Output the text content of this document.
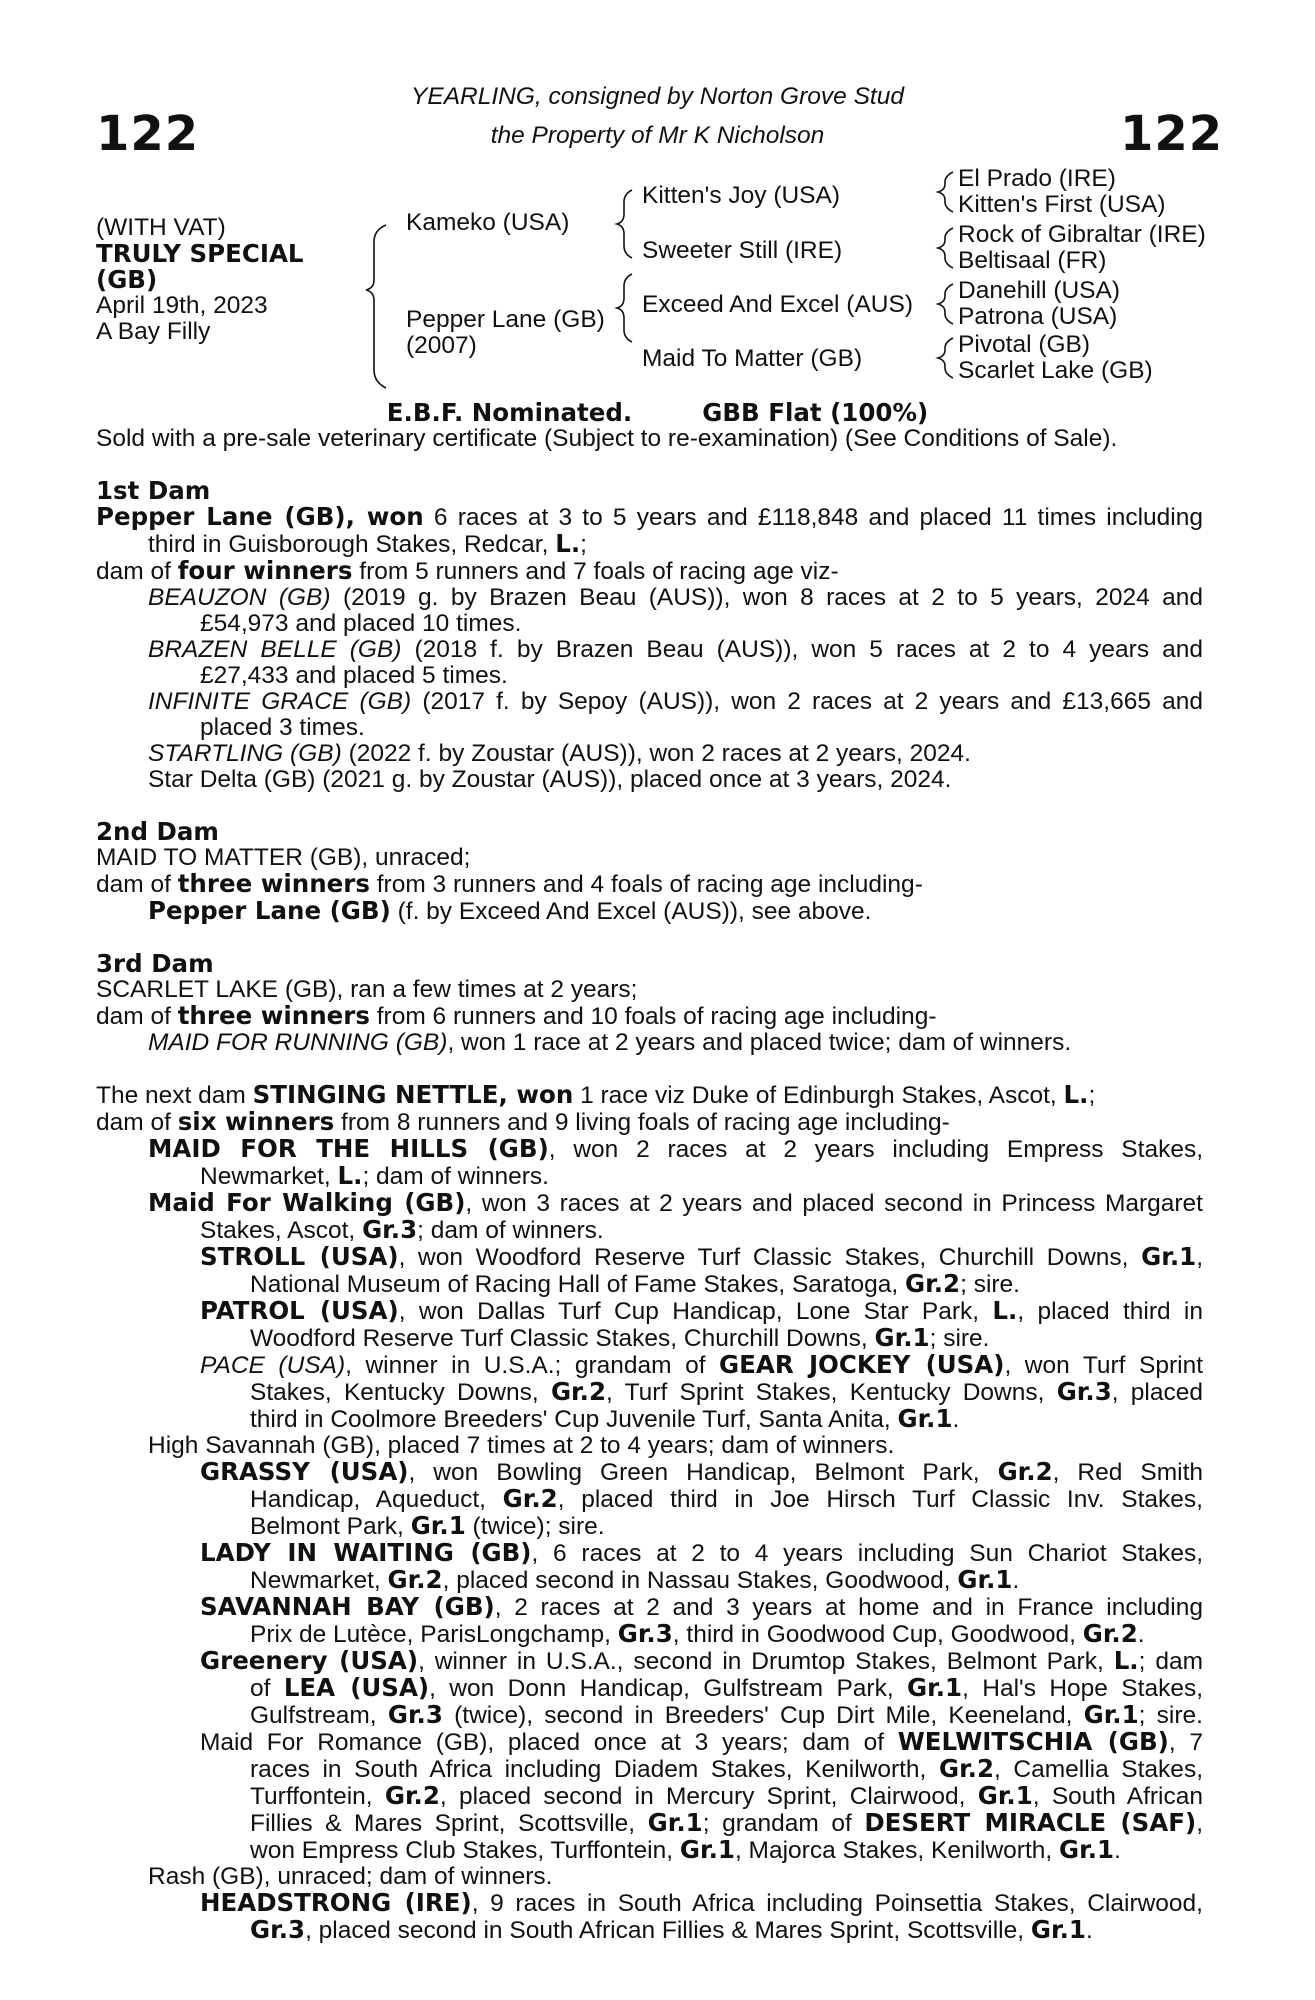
122	122
YEARLING, consigned by Norton Grove Stud
the Property of Mr K Nicholson
(WITH VAT)
TRULY SPECIAL
(GB)
April 19th, 2023
A Bay Filly
Kameko (USA)
Pepper Lane (GB)
(2007)
Kitten's Joy (USA)
Sweeter Still (IRE)
Exceed And Excel (AUS)
Maid To Matter (GB)
El Prado (IRE)
Kitten's First (USA)
Rock of Gibraltar (IRE)
Beltisaal (FR)
Danehill (USA)
Patrona (USA)
Pivotal (GB)
Scarlet Lake (GB)
E.B.F. Nominated.	GBB Flat (100%)
Sold with a pre-sale veterinary certificate (Subject to re-examination) (See Conditions of Sale).
1st Dam
Pepper Lane (GB), won 6 races at 3 to 5 years and £118,848 and placed 11 times including
third in Guisborough Stakes, Redcar, L.;
dam of four winners from 5 runners and 7 foals of racing age viz-
BEAUZON (GB) (2019 g. by Brazen Beau (AUS)), won 8 races at 2 to 5 years, 2024 and
£54,973 and placed 10 times.
BRAZEN BELLE (GB) (2018 f. by Brazen Beau (AUS)), won 5 races at 2 to 4 years and
£27,433 and placed 5 times.
INFINITE GRACE (GB) (2017 f. by Sepoy (AUS)), won 2 races at 2 years and £13,665 and
placed 3 times.
STARTLING (GB) (2022 f. by Zoustar (AUS)), won 2 races at 2 years, 2024.
Star Delta (GB) (2021 g. by Zoustar (AUS)), placed once at 3 years, 2024.
2nd Dam
MAID TO MATTER (GB), unraced;
dam of three winners from 3 runners and 4 foals of racing age including-
Pepper Lane (GB) (f. by Exceed And Excel (AUS)), see above.
3rd Dam
SCARLET LAKE (GB), ran a few times at 2 years;
dam of three winners from 6 runners and 10 foals of racing age including-
MAID FOR RUNNING (GB), won 1 race at 2 years and placed twice; dam of winners.
The next dam STINGING NETTLE, won 1 race viz Duke of Edinburgh Stakes, Ascot, L.;
dam of six winners from 8 runners and 9 living foals of racing age including-
MAID FOR THE HILLS (GB), won 2 races at 2 years including Empress Stakes,
Newmarket, L.; dam of winners.
Maid For Walking (GB), won 3 races at 2 years and placed second in Princess Margaret
Stakes, Ascot, Gr.3; dam of winners.
STROLL (USA), won Woodford Reserve Turf Classic Stakes, Churchill Downs, Gr.1,
National Museum of Racing Hall of Fame Stakes, Saratoga, Gr.2; sire.
PATROL (USA), won Dallas Turf Cup Handicap, Lone Star Park, L., placed third in
Woodford Reserve Turf Classic Stakes, Churchill Downs, Gr.1; sire.
PACE (USA), winner in U.S.A.; grandam of GEAR JOCKEY (USA), won Turf Sprint
Stakes, Kentucky Downs, Gr.2, Turf Sprint Stakes, Kentucky Downs, Gr.3, placed
third in Coolmore Breeders' Cup Juvenile Turf, Santa Anita, Gr.1.
High Savannah (GB), placed 7 times at 2 to 4 years; dam of winners.
GRASSY (USA), won Bowling Green Handicap, Belmont Park, Gr.2, Red Smith
Handicap, Aqueduct, Gr.2, placed third in Joe Hirsch Turf Classic Inv. Stakes,
Belmont Park, Gr.1 (twice); sire.
LADY IN WAITING (GB), 6 races at 2 to 4 years including Sun Chariot Stakes,
Newmarket, Gr.2, placed second in Nassau Stakes, Goodwood, Gr.1.
SAVANNAH BAY (GB), 2 races at 2 and 3 years at home and in France including
Prix de Lutèce, ParisLongchamp, Gr.3, third in Goodwood Cup, Goodwood, Gr.2.
Greenery (USA), winner in U.S.A., second in Drumtop Stakes, Belmont Park, L.; dam
of LEA (USA), won Donn Handicap, Gulfstream Park, Gr.1, Hal's Hope Stakes,
Gulfstream, Gr.3 (twice), second in Breeders' Cup Dirt Mile, Keeneland, Gr.1; sire.
Maid For Romance (GB), placed once at 3 years; dam of WELWITSCHIA (GB), 7
races in South Africa including Diadem Stakes, Kenilworth, Gr.2, Camellia Stakes,
Turffontein, Gr.2, placed second in Mercury Sprint, Clairwood, Gr.1, South African
Fillies & Mares Sprint, Scottsville, Gr.1; grandam of DESERT MIRACLE (SAF),
won Empress Club Stakes, Turffontein, Gr.1, Majorca Stakes, Kenilworth, Gr.1.
Rash (GB), unraced; dam of winners.
HEADSTRONG (IRE), 9 races in South Africa including Poinsettia Stakes, Clairwood,
Gr.3, placed second in South African Fillies & Mares Sprint, Scottsville, Gr.1.
